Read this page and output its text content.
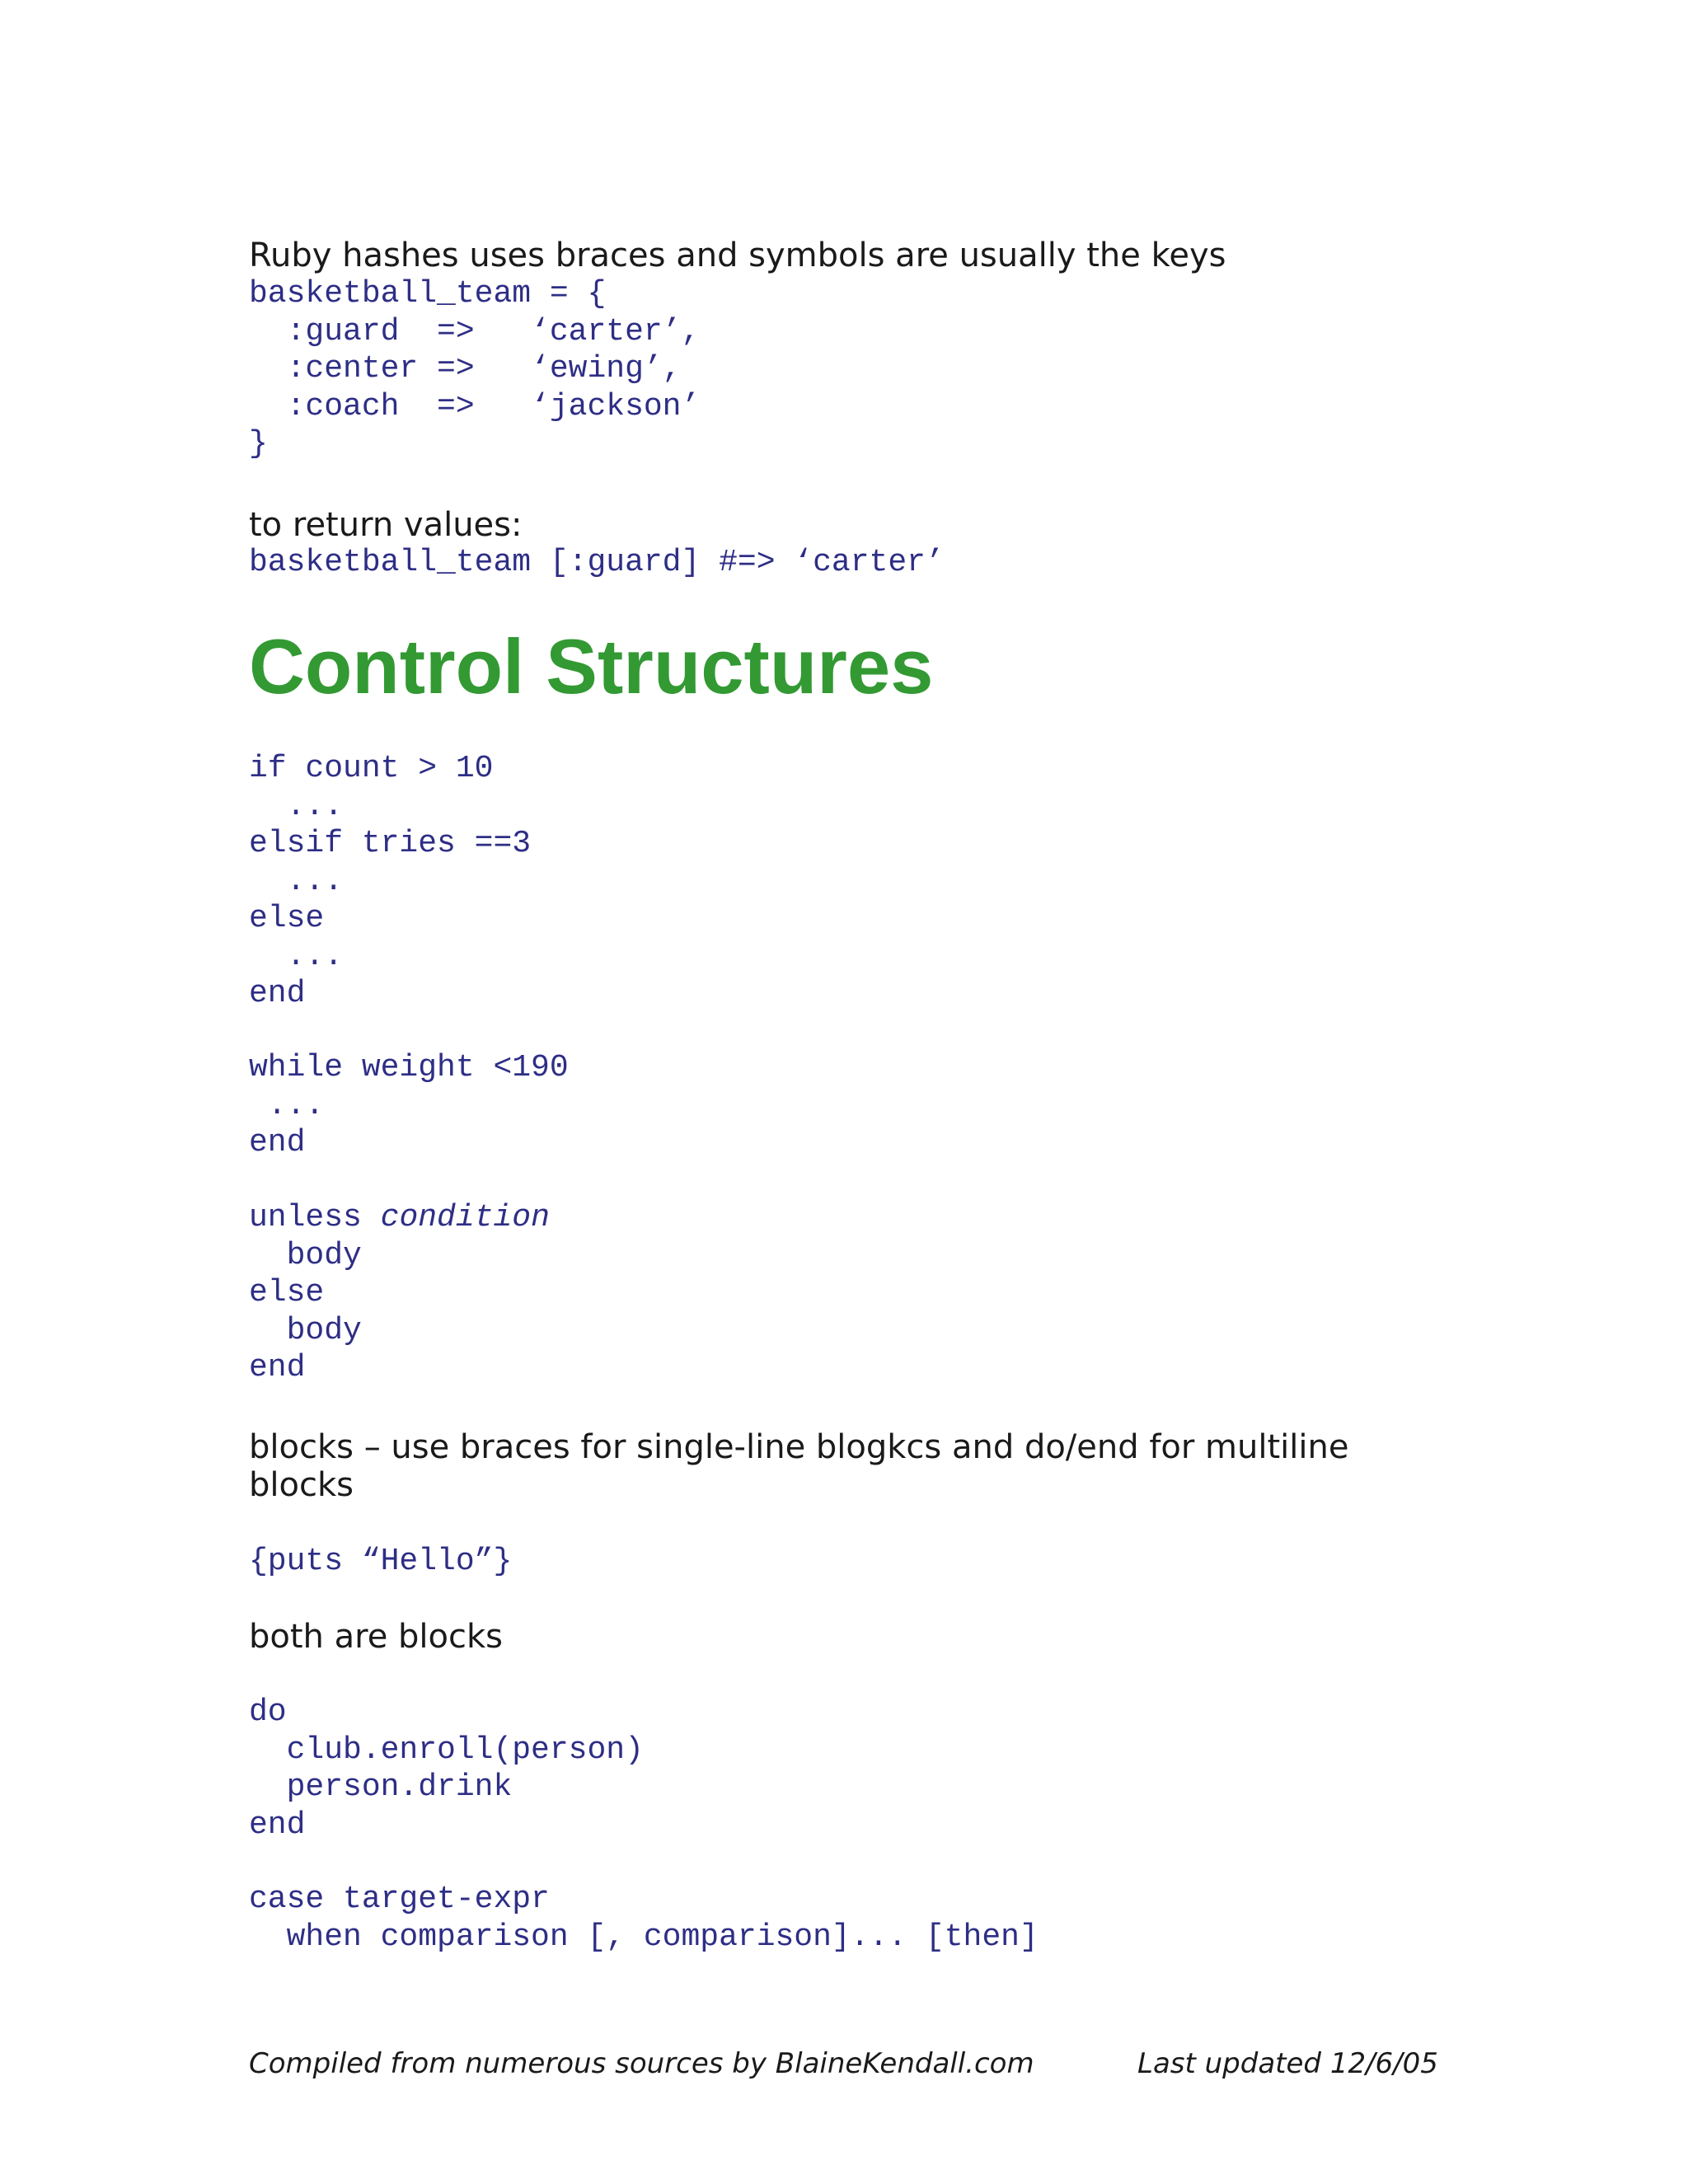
Ruby hashes uses braces and symbols are usually the keys

basketball_team = {
:guard  =>   ‘carter’,
:center =>   ‘ewing’,
:coach  =>   ‘jackson’
}

to return values:

basketball_team [:guard] #=> ‘carter’
Control Structures
if count > 10
...
elsif tries ==3
...
else
...
end
while weight <190
...
end
unless condition
body
else
body
end
blocks – use braces for single-line blogkcs and do/end for multiline
blocks
{puts “Hello”}

both are blocks

do
club.enroll(person)
person.drink
end
case target-expr
when comparison [, comparison]... [then]
Compiled from numerous sources by BlaineKendall.com	Last updated 12/6/05
